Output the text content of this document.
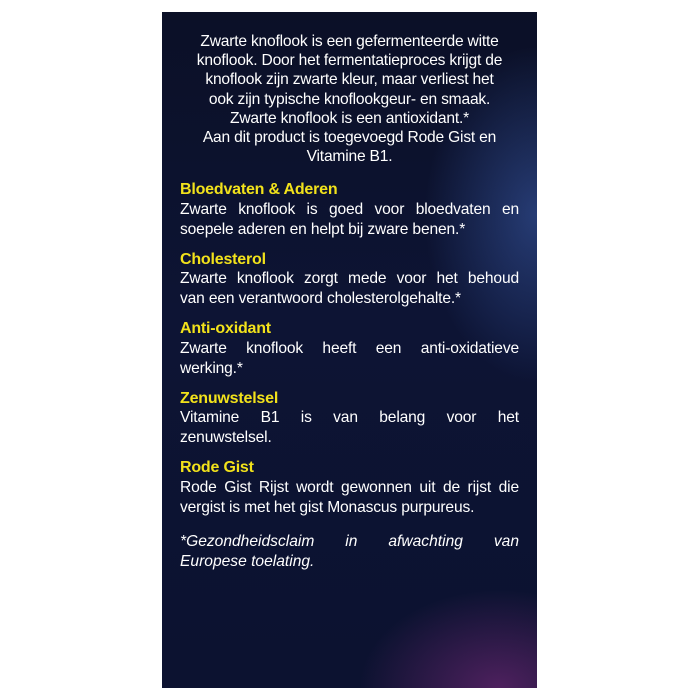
Zwarte knoflook is een gefermenteerde witte
knoflook. Door het fermentatieproces krijgt de
knoflook zijn zwarte kleur, maar verliest het
ook zijn typische knoflookgeur- en smaak.
Zwarte knoflook is een antioxidant.*
Aan dit product is toegevoegd Rode Gist en
Vitamine B1.
Bloedvaten & Aderen
Zwarte knoflook is goed voor bloedvaten en
soepele aderen en helpt bij zware benen.*
Cholesterol
Zwarte knoflook zorgt mede voor het behoud
van een verantwoord cholesterolgehalte.*
Anti-oxidant
Zwarte knoflook heeft een anti-oxidatieve
werking.*
Zenuwstelsel
Vitamine B1 is van belang voor het
zenuwstelsel.
Rode Gist
Rode Gist Rijst wordt gewonnen uit de rijst die
vergist is met het gist Monascus purpureus.
*Gezondheidsclaim in afwachting van
Europese toelating.
